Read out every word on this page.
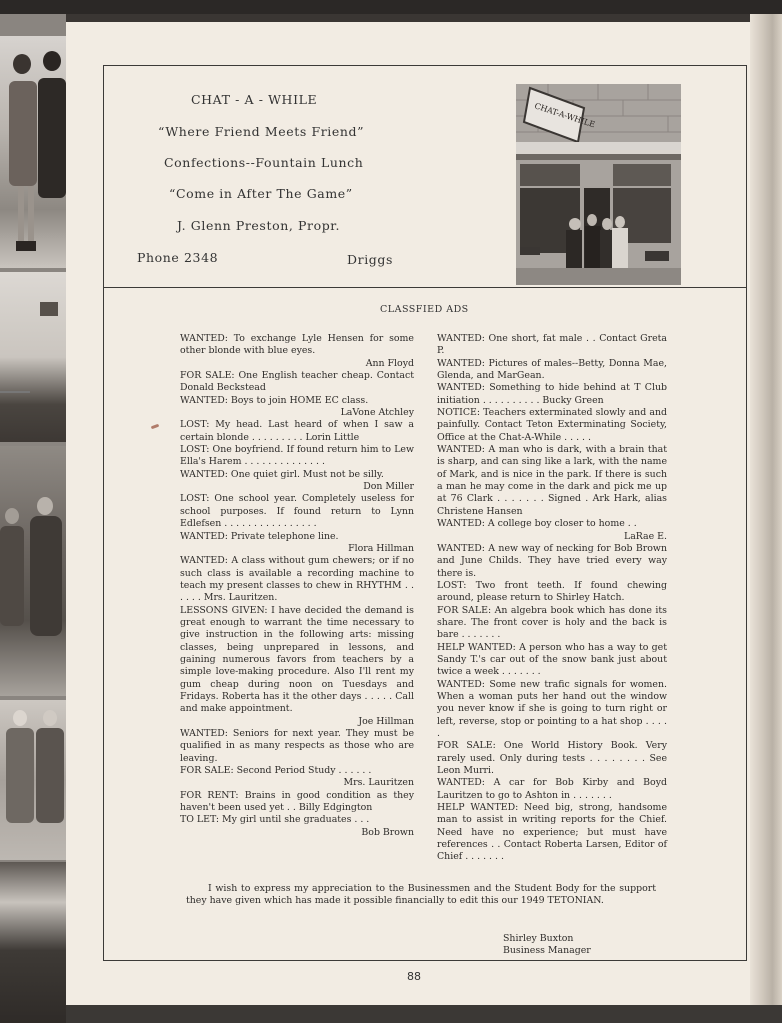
CHAT - A - WHILE
“Where Friend Meets Friend”
Confections--Fountain Lunch
“Come in After The Game”
J. Glenn Preston, Propr.
Phone 2348	Driggs
CHAT-A-WHILE
CLASSFIED ADS

WANTED: To exchange Lyle Hensen for some other blonde with blue eyes.

Ann Floyd

FOR SALE: One English teacher cheap. Contact Donald Beckstead

WANTED: Boys to join HOME EC class.

LaVone Atchley

LOST: My head. Last heard of when I saw a certain blonde . . . . . . . . . Lorin Little

LOST: One boyfriend. If found return him to Lew Ella's Harem . . . . . . . . . . . . . .

WANTED: One quiet girl. Must not be silly.

Don Miller

LOST: One school year. Completely useless for school purposes. If found return to Lynn Edlefsen . . . . . . . . . . . . . . . .

WANTED: Private telephone line.

Flora Hillman

WANTED: A class without gum chewers; or if no such class is available a recording machine to teach my present classes to chew in RHYTHM . . . . . . Mrs. Lauritzen.

LESSONS GIVEN: I have decided the demand is great enough to warrant the time necessary to give instruction in the following arts: missing classes, being unprepared in lessons, and gaining numerous favors from teachers by a simple love-making procedure. Also I'll rent my gum cheap during noon on Tuesdays and Fridays. Roberta has it the other days . . . . . Call and make appointment.

Joe Hillman

WANTED: Seniors for next year. They must be qualified in as many respects as those who are leaving.

FOR SALE: Second Period Study . . . . . .

Mrs. Lauritzen

FOR RENT: Brains in good condition as they haven't been used yet . . Billy Edgington

TO LET: My girl until she graduates . . .

Bob Brown

WANTED: One short, fat male . . Contact Greta P.

WANTED: Pictures of males--Betty, Donna Mae, Glenda, and MarGean.

WANTED: Something to hide behind at T Club initiation . . . . . . . . . . Bucky Green

NOTICE: Teachers exterminated slowly and and painfully. Contact Teton Exterminating Society, Office at the Chat-A-While . . . . .

WANTED: A man who is dark, with a brain that is sharp, and can sing like a lark, with the name of Mark, and is nice in the park. If there is such a man he may come in the dark and pick me up at 76 Clark . . . . . . . Signed . Ark Hark, alias Christene Hansen

WANTED: A college boy closer to home . .

LaRae E.

WANTED: A new way of necking for Bob Brown and June Childs. They have tried every way there is.

LOST: Two front teeth. If found chewing around, please return to Shirley Hatch.

FOR SALE: An algebra book which has done its share. The front cover is holy and the back is bare . . . . . . .

HELP WANTED: A person who has a way to get Sandy T.'s car out of the snow bank just about twice a week . . . . . . .

WANTED: Some new trafic signals for women. When a woman puts her hand out the window you never know if she is going to turn right or left, reverse, stop or pointing to a hat shop . . . . .

FOR SALE: One World History Book. Very rarely used. Only during tests . . . . . . . . See Leon Murri.

WANTED: A car for Bob Kirby and Boyd Lauritzen to go to Ashton in . . . . . . .

HELP WANTED: Need big, strong, handsome man to assist in writing reports for the Chief. Need have no experience; but must have references . . Contact Roberta Larsen, Editor of Chief . . . . . . .

I wish to express my appreciation to the Businessmen and the Student Body for the support they have given which has made it possible financially to edit this our 1949 TETONIAN.
Shirley Buxton
Business Manager
88
